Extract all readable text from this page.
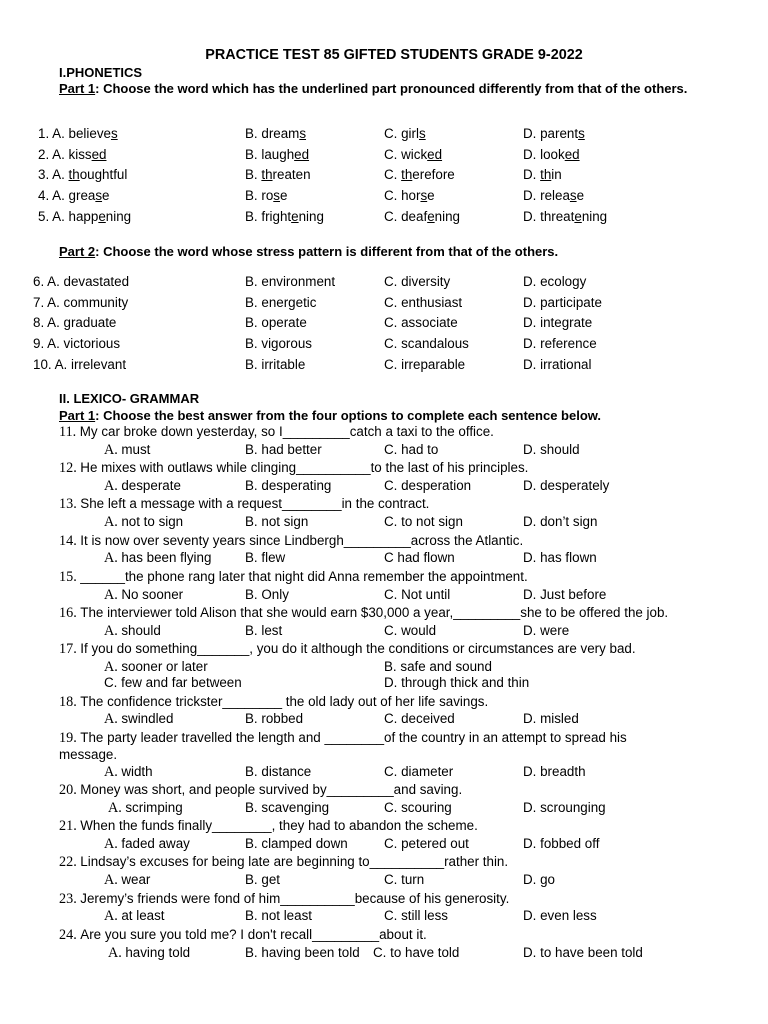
PRACTICE TEST 85 GIFTED STUDENTS GRADE 9-2022
I.PHONETICS
Part 1: Choose the word which has the underlined part pronounced differently from that of the others.
1. A. believes	B. dreams	C. girls	D. parents
2. A. kissed	B. laughed	C. wicked	D. looked
3. A. thoughtful	B. threaten	C. therefore	D. thin
4. A. grease	B. rose	C. horse	D. release
5. A. happening	B. frightening	C. deafening	D. threatening
Part 2: Choose the word whose stress pattern is different from that of the others.
6. A. devastated	B. environment	C. diversity	D. ecology
7. A. community	B. energetic	C. enthusiast	D. participate
8. A. graduate	B. operate	C. associate	D. integrate
9. A. victorious	B. vigorous	C. scandalous	D. reference
10. A. irrelevant	B. irritable	C. irreparable	D. irrational
II. LEXICO- GRAMMAR
Part 1: Choose the best answer from the four options to complete each sentence below.
11. My car broke down yesterday, so I_________catch a taxi to the office.
A. must	B. had better	C. had to	D. should
12. He mixes with outlaws while clinging__________to the last of his principles.
A. desperate	B. desperating	C. desperation	D. desperately
13. She left a message with a request________in the contract.
A. not to sign	B. not sign	C. to not sign	D. don’t sign
14. It is now over seventy years since Lindbergh_________across the Atlantic.
A. has been flying	B. flew	C had flown	D. has flown
15. ______the phone rang later that night did Anna remember the appointment.
A. No sooner	B. Only	C. Not until	D. Just before
16. The interviewer told Alison that she would earn $30,000 a year,_________she to be offered the job.
A. should	B. lest	C. would	D. were
17. If you do something_______, you do it although the conditions or circumstances are very bad.
A. sooner or later	B. safe and sound
C. few and far between	D. through thick and thin
18. The confidence trickster________ the old lady out of her life savings.
A. swindled	B. robbed	C. deceived	D. misled
19. The party leader travelled the length and ________of the country in an attempt to spread his
message.
A. width	B. distance	C. diameter	D. breadth
20. Money was short, and people survived by_________and saving.
A. scrimping	B. scavenging	C. scouring	D. scrounging
21. When the funds finally________, they had to abandon the scheme.
A. faded away	B. clamped down	C. petered out	D. fobbed off
22. Lindsay’s excuses for being late are beginning to__________rather thin.
A. wear	B. get	C. turn	D. go
23. Jeremy’s friends were fond of him__________because of his generosity.
A. at least	B. not least	C. still less	D. even less
24. Are you sure you told me? I don't recall_________about it.
A. having told	B. having been told C. to have told	D. to have been told
